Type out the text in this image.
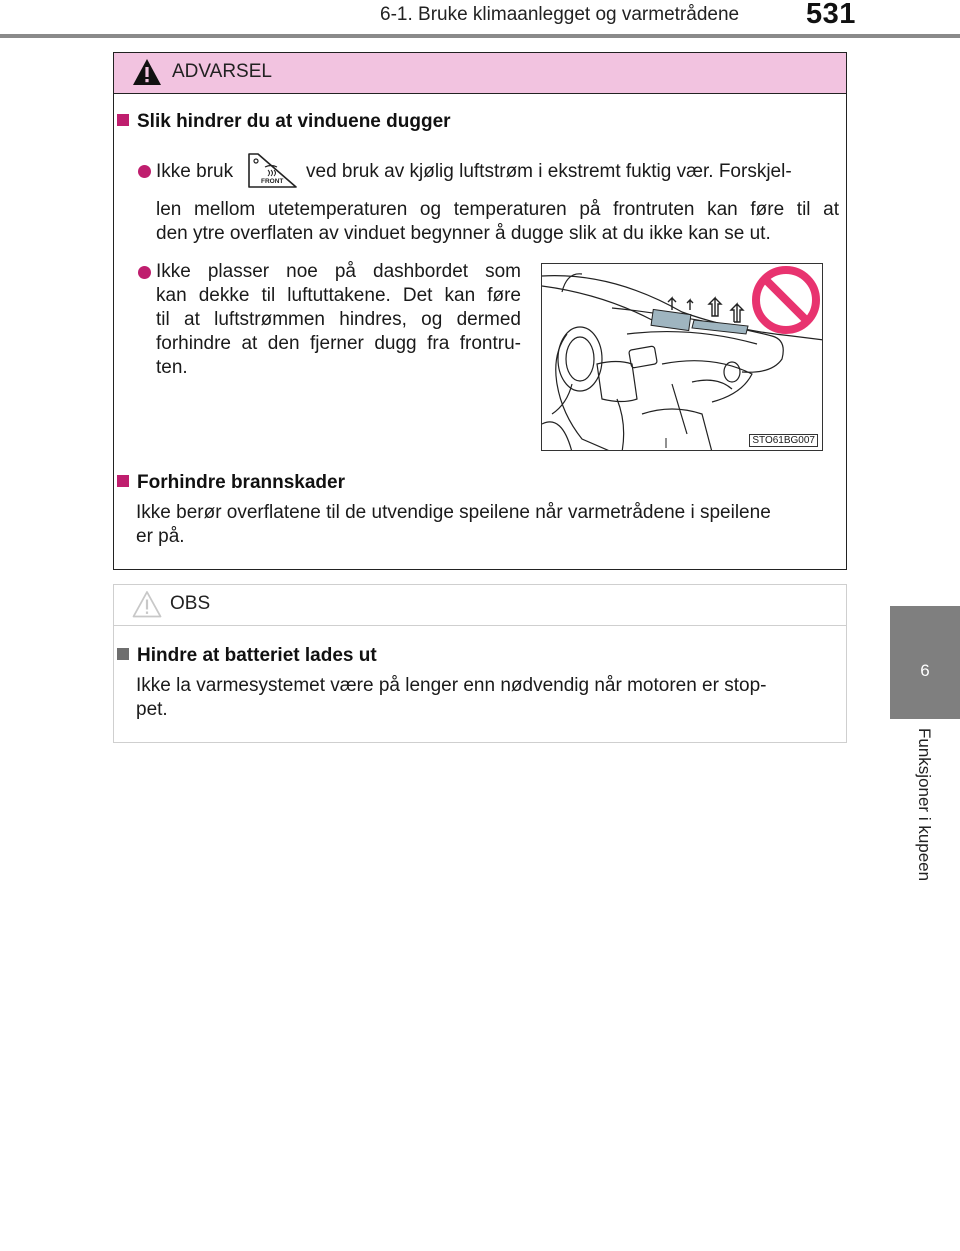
6-1. Bruke klimaanlegget og varmetrådene 531
6
Funksjoner i kupeen
ADVARSEL
Slik hindrer du at vinduene dugger
Ikke bruk	FRONT ved bruk av kjølig luftstrøm i ekstremt fuktig vær. Forskjel-
len mellom utetemperaturen og temperaturen på frontruten kan føre til at
den ytre overflaten av vinduet begynner å dugge slik at du ikke kan se ut.
Ikke plasser noe på dashbordet som
kan dekke til luftuttakene. Det kan føre
til at luftstrømmen hindres, og dermed
forhindre at den fjerner dugg fra frontru-
ten.
STO61BG007
Forhindre brannskader
Ikke berør overflatene til de utvendige speilene når varmetrådene i speilene
er på.
OBS
Hindre at batteriet lades ut
Ikke la varmesystemet være på lenger enn nødvendig når motoren er stop-
pet.
